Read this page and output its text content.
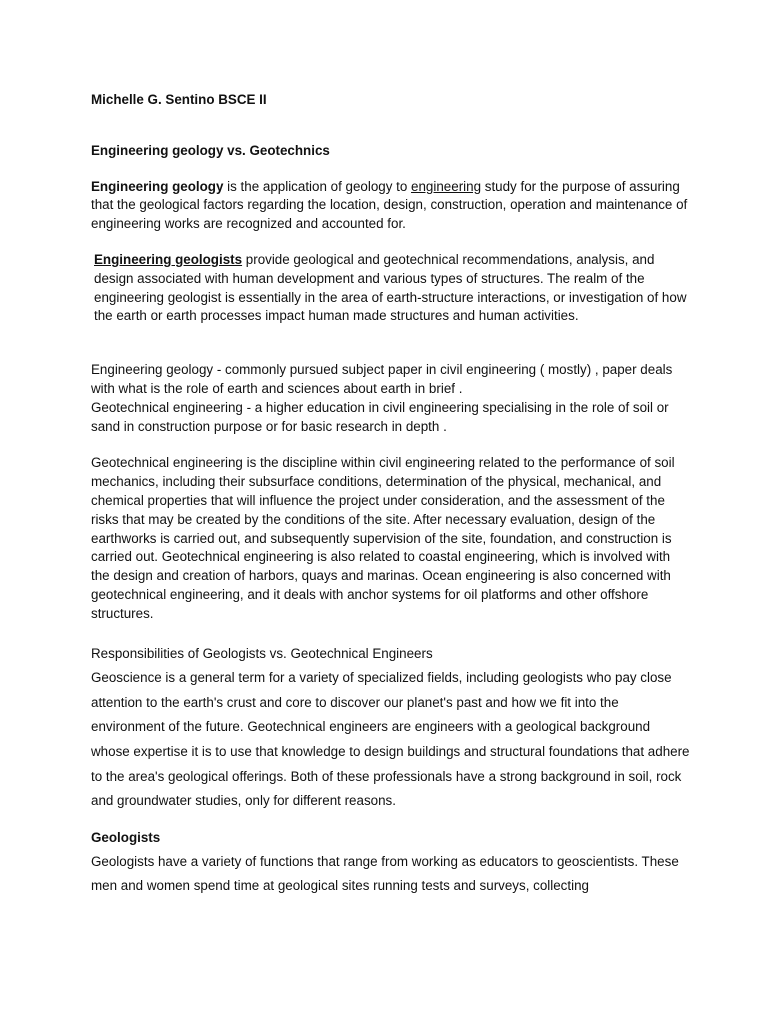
Michelle G. Sentino BSCE II

Engineering geology vs. Geotechnics

Engineering geology is the application of geology to engineering study for the purpose of assuring that the geological factors regarding the location, design, construction, operation and maintenance of engineering works are recognized and accounted for.

Engineering geologists provide geological and geotechnical recommendations, analysis, and design associated with human development and various types of structures. The realm of the engineering geologist is essentially in the area of earth-structure interactions, or investigation of how the earth or earth processes impact human made structures and human activities.

Engineering geology - commonly pursued subject paper in civil engineering ( mostly) , paper deals with what is the role of earth and sciences about earth in brief .

Geotechnical engineering - a higher education in civil engineering specialising in the role of soil or sand in construction purpose or for basic research in depth .

Geotechnical engineering is the discipline within civil engineering related to the performance of soil mechanics, including their subsurface conditions, determination of the physical, mechanical, and chemical properties that will influence the project under consideration, and the assessment of the risks that may be created by the conditions of the site. After necessary evaluation, design of the earthworks is carried out, and subsequently supervision of the site, foundation, and construction is carried out. Geotechnical engineering is also related to coastal engineering, which is involved with the design and creation of harbors, quays and marinas. Ocean engineering is also concerned with geotechnical engineering, and it deals with anchor systems for oil platforms and other offshore structures.

Responsibilities of Geologists vs. Geotechnical Engineers

Geoscience is a general term for a variety of specialized fields, including geologists who pay close attention to the earth's crust and core to discover our planet's past and how we fit into the environment of the future. Geotechnical engineers are engineers with a geological background whose expertise it is to use that knowledge to design buildings and structural foundations that adhere to the area's geological offerings. Both of these professionals have a strong background in soil, rock and groundwater studies, only for different reasons.

Geologists

Geologists have a variety of functions that range from working as educators to geoscientists. These men and women spend time at geological sites running tests and surveys, collecting
